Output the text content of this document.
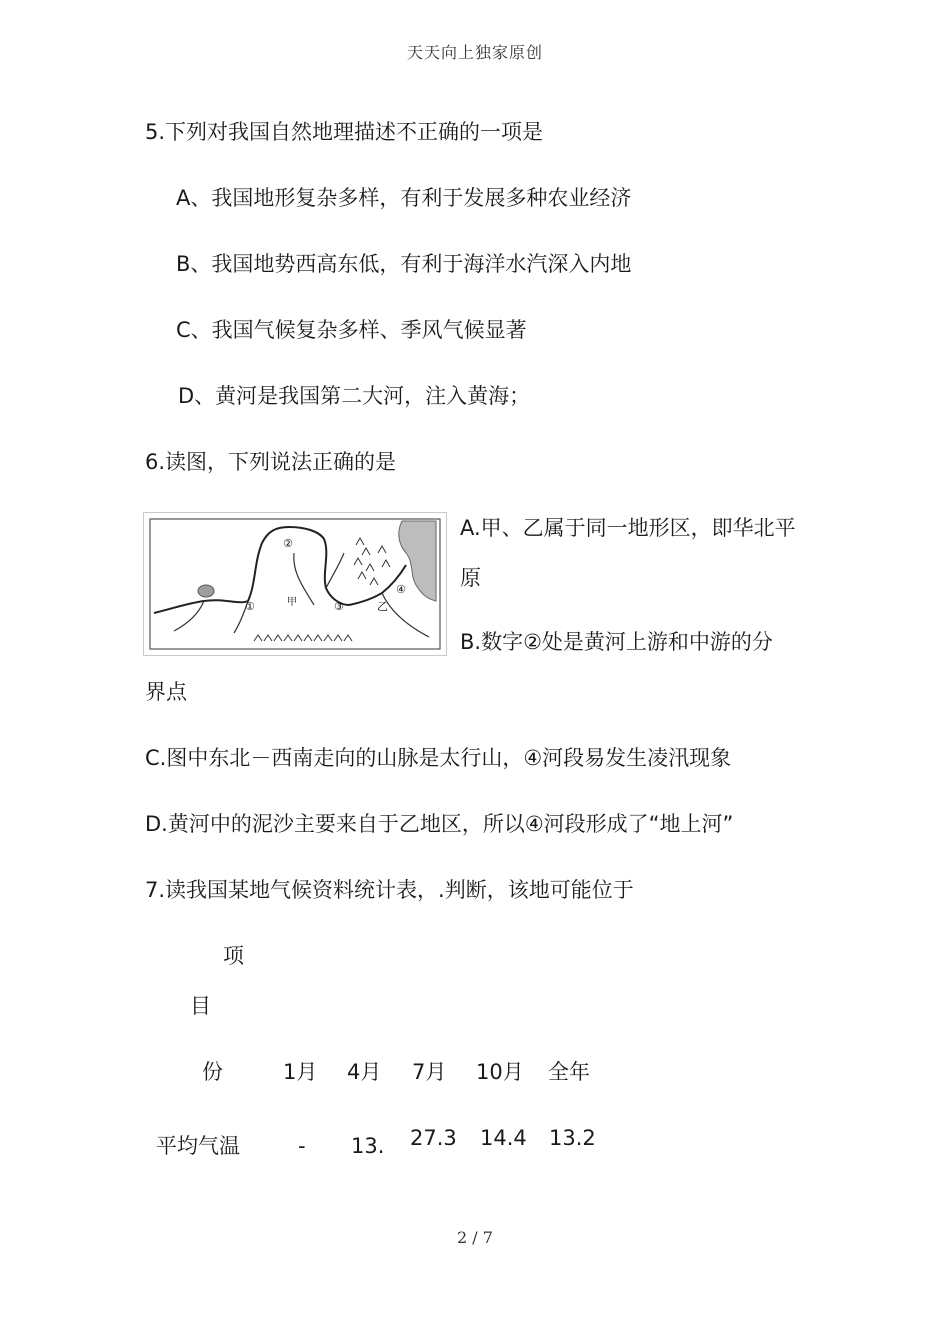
天天向上独家原创
5.下列对我国自然地理描述不正确的一项是
A、我国地形复杂多样，有利于发展多种农业经济
B、我国地势西高东低，有利于海洋水汽深入内地
C、我国气候复杂多样、季风气候显著
D、黄河是我国第二大河，注入黄海；
6.读图，下列说法正确的是
②
①	甲	③	乙
④
A.甲、乙属于同一地形区，即华北平
原
B.数字②处是黄河上游和中游的分
界点
C.图中东北－西南走向的山脉是太行山，④河段易发生凌汛现象
D.黄河中的泥沙主要来自于乙地区，所以④河段形成了“地上河”
7.读我国某地气候资料统计表，.判断，该地可能位于
项
目
份	1月 4月 7月 10月 全年
平均气温	- 13. 27.3 14.4 13.2
2 / 7
